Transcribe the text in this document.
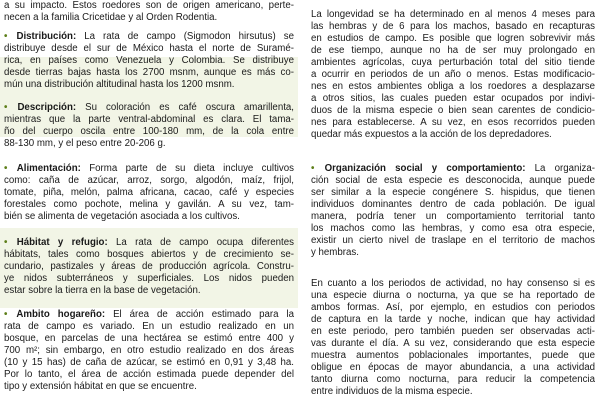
a su impacto. Estos roedores son de origen americano, perte-
necen a la familia Cricetidae y al Orden Rodentia.
• Distribución: La rata de campo (Sigmodon hirsutus) se
distribuye desde el sur de México hasta el norte de Suramé-
rica, en países como Venezuela y Colombia. Se distribuye
desde tierras bajas hasta los 2700 msnm, aunque es más co-
mún una distribución altitudinal hasta los 1200 msnm.
• Descripción: Su coloración es café oscura amarillenta,
mientras que la parte ventral-abdominal es clara. El tama-
ño del cuerpo oscila entre 100-180 mm, de la cola entre
88-130 mm, y el peso entre 20-206 g.
• Alimentación: Forma parte de su dieta incluye cultivos
como: caña de azúcar, arroz, sorgo, algodón, maíz, frijol,
tomate, piña, melón, palma africana, cacao, café y especies
forestales como pochote, melina y gavilán. A su vez, tam-
bién se alimenta de vegetación asociada a los cultivos.
• Hábitat y refugio: La rata de campo ocupa diferentes
hábitats, tales como bosques abiertos y de crecimiento se-
cundario, pastizales y áreas de producción agrícola. Constru-
ye nidos subterráneos y superficiales. Los nidos pueden
estar sobre la tierra en la base de vegetación.
• Ámbito hogareño: El área de acción estimado para la
rata de campo es variado. En un estudio realizado en un
bosque, en parcelas de una hectárea se estimó entre 400 y
700 m²; sin embargo, en otro estudio realizado en dos áreas
(10 y 15 has) de caña de azúcar, se estimó en 0,91 y 3,48 ha.
Por lo tanto, el área de acción estimada puede depender del
tipo y extensión hábitat en que se encuentre.
La longevidad se ha determinado en al menos 4 meses para
las hembras y de 6 para los machos, basado en recapturas
en estudios de campo. Es posible que logren sobrevivir más
de ese tiempo, aunque no ha de ser muy prolongado en
ambientes agrícolas, cuya perturbación total del sitio tiende
a ocurrir en periodos de un año o menos. Estas modificacio-
nes en estos ambientes obliga a los roedores a desplazarse
a otros sitios, las cuales pueden estar ocupados por indivi-
duos de la misma especie o bien sean carentes de condicio-
nes para establecerse. A su vez, en esos recorridos pueden
quedar más expuestos a la acción de los depredadores.
• Organización social y comportamiento: La organiza-
ción social de esta especie es desconocida, aunque puede
ser similar a la especie congénere S. hispidus, que tienen
individuos dominantes dentro de cada población. De igual
manera, podría tener un comportamiento territorial tanto
los machos como las hembras, y como esa otra especie,
existir un cierto nivel de traslape en el territorio de machos
y hembras.
En cuanto a los periodos de actividad, no hay consenso si es
una especie diurna o nocturna, ya que se ha reportado de
ambos formas. Así, por ejemplo, en estudios con periodos
de captura en la tarde y noche, indican que hay actividad
en este periodo, pero también pueden ser observadas acti-
vas durante el día. A su vez, considerando que esta especie
muestra aumentos poblacionales importantes, puede que
obligue en épocas de mayor abundancia, a una actividad
tanto diurna como nocturna, para reducir la competencia
entre individuos de la misma especie.
